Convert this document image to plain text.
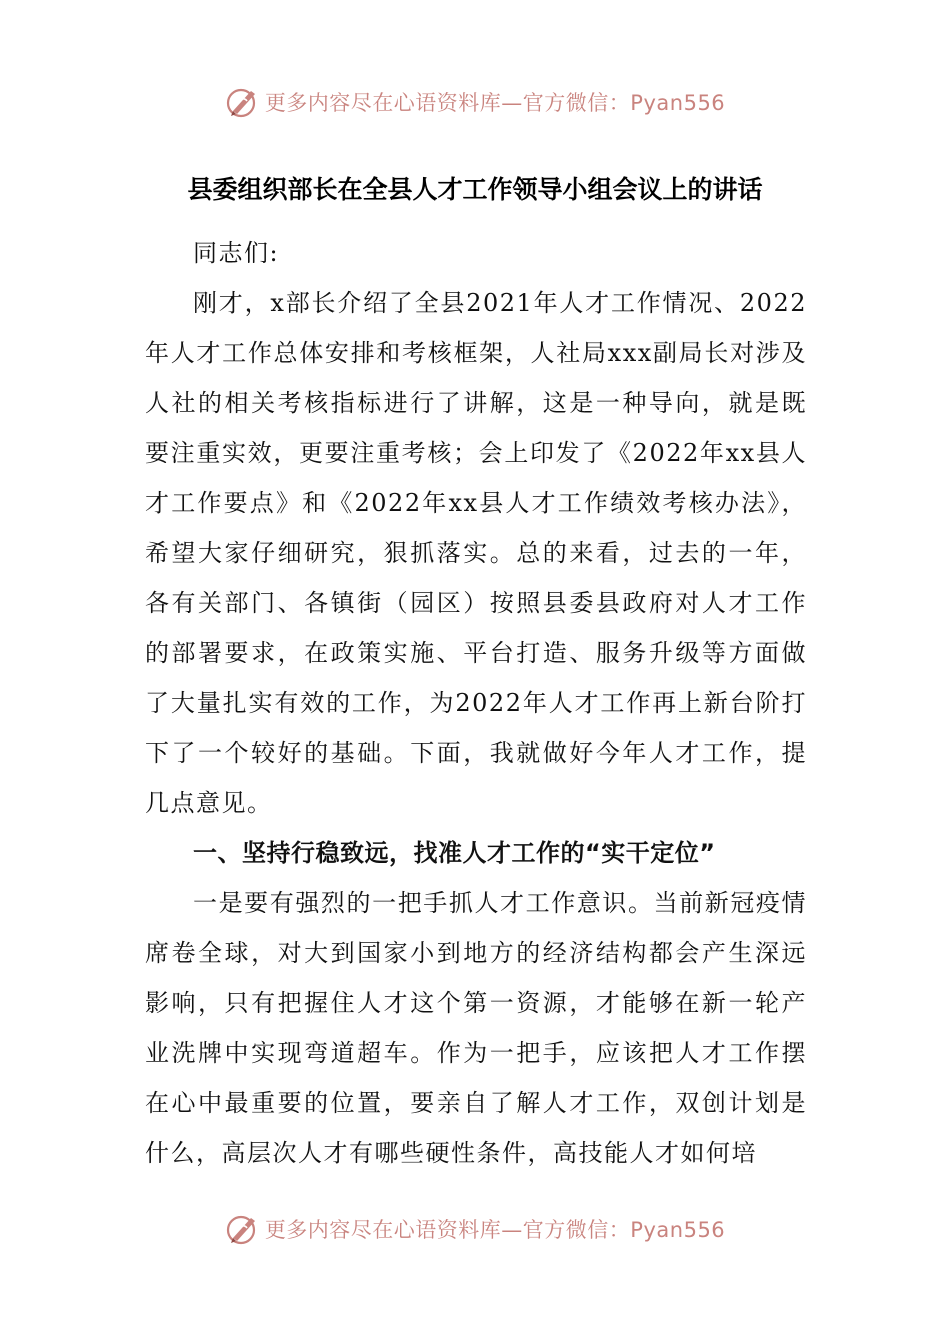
更多内容尽在心语资料库—官方微信：Pyan556
县委组织部长在全县人才工作领导小组会议上的讲话

同志们:

刚才，x部长介绍了全县2021年人才工作情况、2022年人才工作总体安排和考核框架，人社局xxx副局长对涉及人社的相关考核指标进行了讲解，这是一种导向，就是既要注重实效，更要注重考核；会上印发了《2022年xx县人才工作要点》和《2022年xx县人才工作绩效考核办法》，希望大家仔细研究，狠抓落实。总的来看，过去的一年，各有关部门、各镇街（园区）按照县委县政府对人才工作的部署要求，在政策实施、平台打造、服务升级等方面做了大量扎实有效的工作，为2022年人才工作再上新台阶打下了一个较好的基础。下面，我就做好今年人才工作，提几点意见。

一、坚持行稳致远，找准人才工作的“实干定位”

一是要有强烈的一把手抓人才工作意识。当前新冠疫情席卷全球，对大到国家小到地方的经济结构都会产生深远影响，只有把握住人才这个第一资源，才能够在新一轮产业洗牌中实现弯道超车。作为一把手，应该把人才工作摆在心中最重要的位置，要亲自了解人才工作，双创计划是什么，高层次人才有哪些硬性条件，高技能人才如何培

更多内容尽在心语资料库—官方微信：Pyan556
